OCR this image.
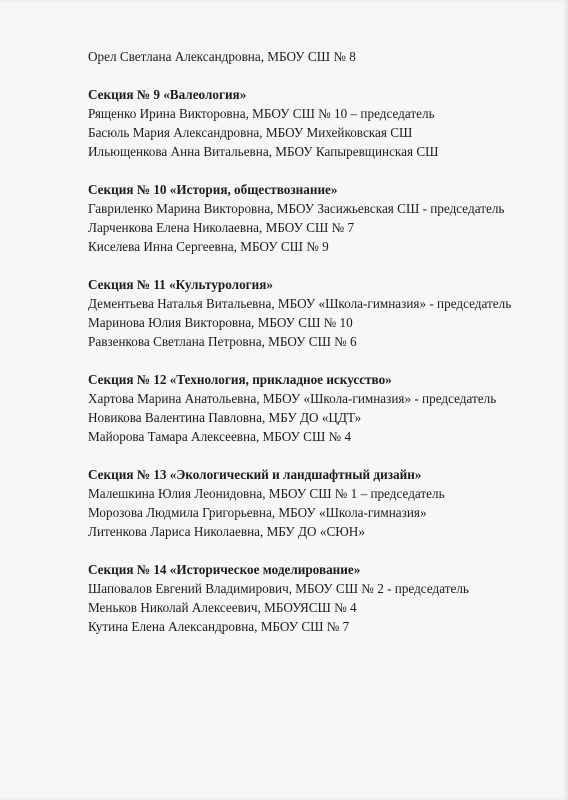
Орел Светлана Александровна, МБОУ СШ № 8

Секция № 9 «Валеология»

Рященко Ирина Викторовна, МБОУ СШ № 10 – председатель

Басюль Мария Александровна, МБОУ Михейковская СШ

Ильющенкова Анна Витальевна, МБОУ Капыревщинская СШ

Секция № 10 «История, обществознание»

Гавриленко Марина Викторовна, МБОУ Засижьевская СШ - председатель

Ларченкова Елена Николаевна, МБОУ СШ № 7

Киселева Инна Сергеевна, МБОУ СШ № 9

Секция № 11 «Культурология»

Дементьева Наталья Витальевна, МБОУ «Школа-гимназия» - председатель

Маринова Юлия Викторовна, МБОУ СШ № 10

Равзенкова Светлана Петровна, МБОУ СШ № 6

Секция № 12 «Технология, прикладное искусство»

Хартова Марина Анатольевна, МБОУ «Школа-гимназия» - председатель

Новикова Валентина Павловна, МБУ ДО «ЦДТ»

Майорова Тамара Алексеевна, МБОУ СШ № 4

Секция № 13 «Экологический и ландшафтный дизайн»

Малешкина Юлия Леонидовна, МБОУ СШ № 1 – председатель

Морозова Людмила Григорьевна, МБОУ «Школа-гимназия»

Литенкова Лариса Николаевна, МБУ ДО «СЮН»

Секция № 14 «Историческое моделирование»

Шаповалов Евгений Владимирович, МБОУ СШ № 2 - председатель

Меньков Николай Алексеевич, МБОУЯСШ № 4

Кутина Елена Александровна, МБОУ СШ № 7
